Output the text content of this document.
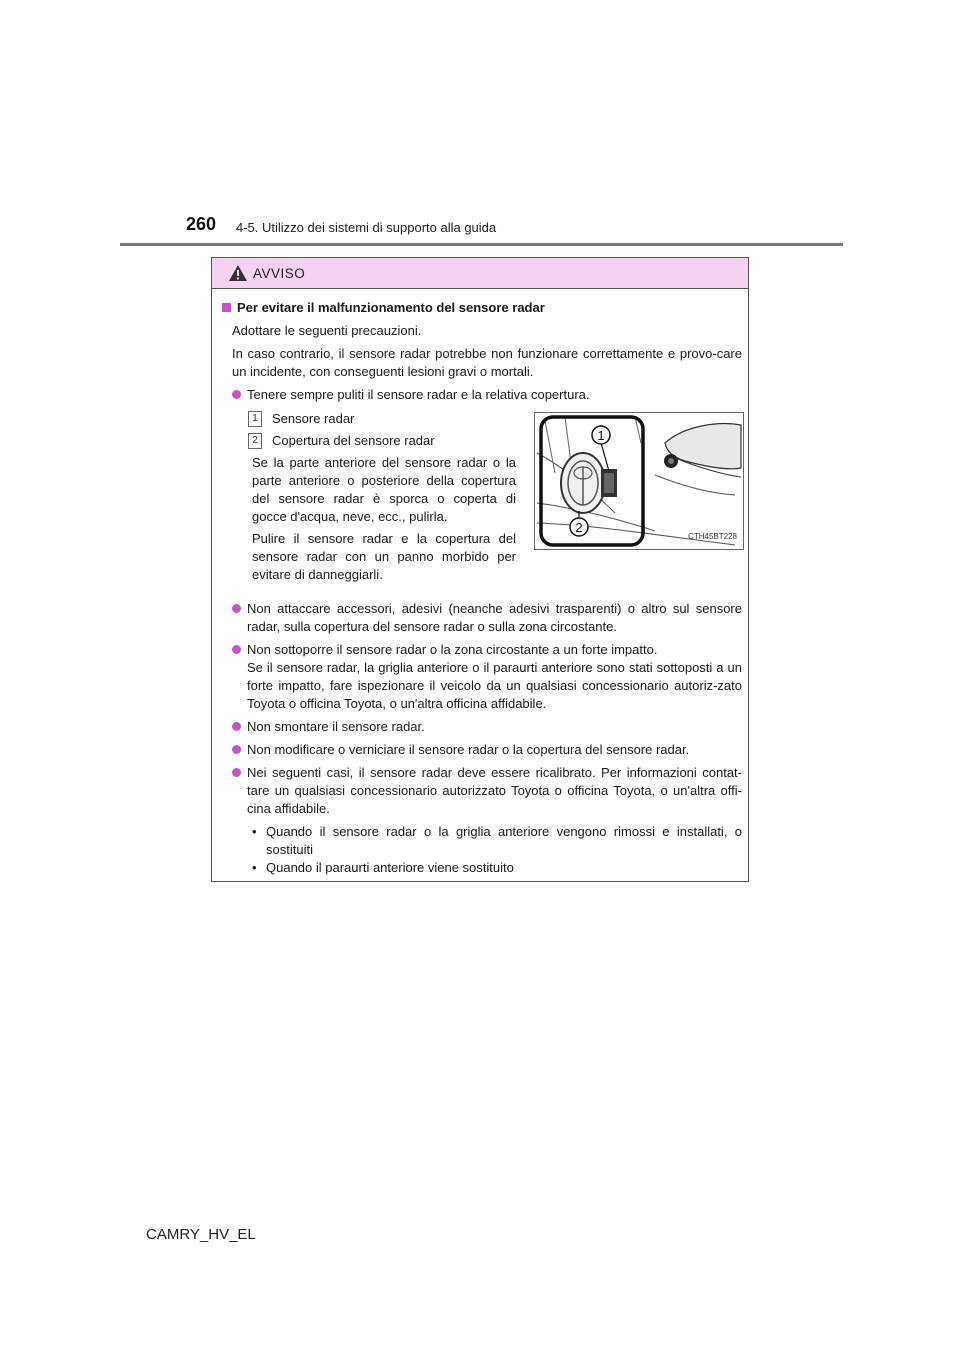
260 4-5. Utilizzo dei sistemi di supporto alla guida
AVVISO
Per evitare il malfunzionamento del sensore radar

Adottare le seguenti precauzioni.

In caso contrario, il sensore radar potrebbe non funzionare correttamente e provo-care un incidente, con conseguenti lesioni gravi o mortali.

Tenere sempre puliti il sensore radar e la relativa copertura.
1	Sensore radar
2	Copertura del sensore radar

Se la parte anteriore del sensore radar o la parte anteriore o posteriore della copertura del sensore radar è sporca o coperta di gocce d'acqua, neve, ecc., pulirla.

Pulire il sensore radar e la copertura del sensore radar con un panno morbido per evitare di danneggiarli.

1
2
CTH45BT228
Non attaccare accessori, adesivi (neanche adesivi trasparenti) o altro sul sensore radar, sulla copertura del sensore radar o sulla zona circostante.
Non sottoporre il sensore radar o la zona circostante a un forte impatto.
Se il sensore radar, la griglia anteriore o il paraurti anteriore sono stati sottoposti a un forte impatto, fare ispezionare il veicolo da un qualsiasi concessionario autoriz-zato Toyota o officina Toyota, o un'altra officina affidabile.
Non smontare il sensore radar.
Non modificare o verniciare il sensore radar o la copertura del sensore radar.
Nei seguenti casi, il sensore radar deve essere ricalibrato. Per informazioni contat-tare un qualsiasi concessionario autorizzato Toyota o officina Toyota, o un'altra offi-cina affidabile.
• Quando il sensore radar o la griglia anteriore vengono rimossi e installati, o sostituiti
• Quando il paraurti anteriore viene sostituito
CAMRY_HV_EL
